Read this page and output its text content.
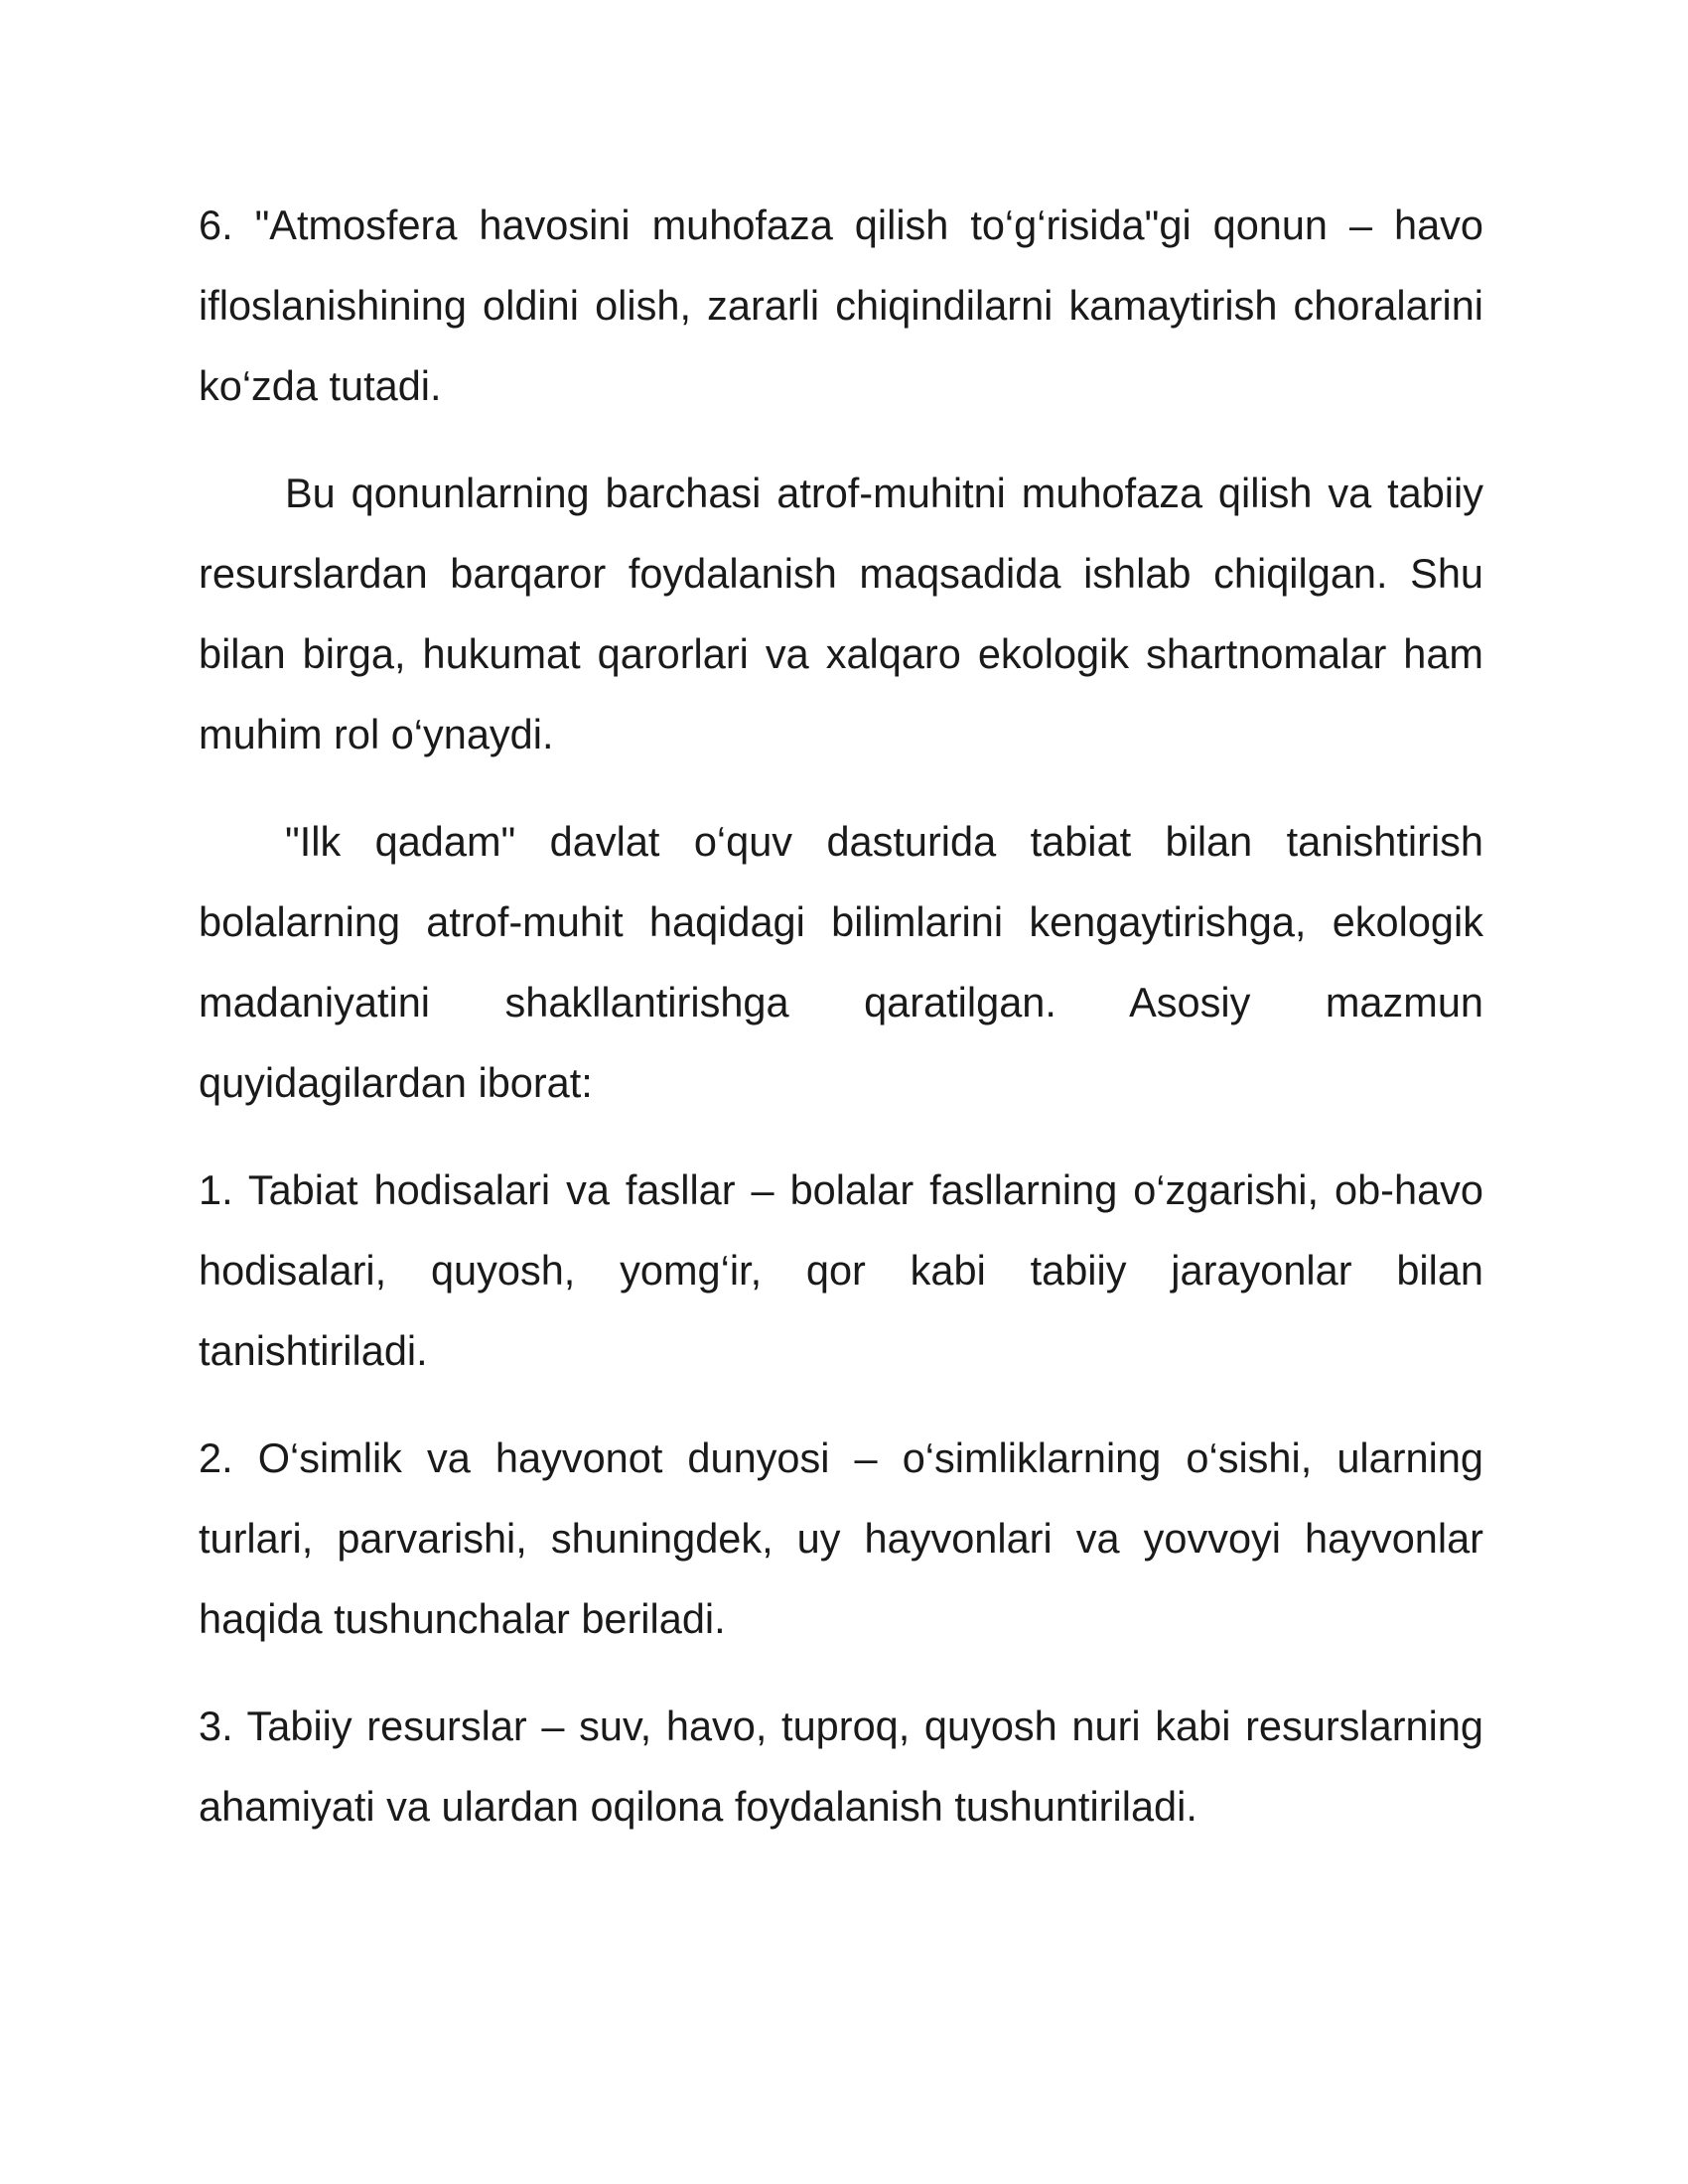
6. "Atmosfera havosini muhofaza qilish to‘g‘risida"gi qonun – havo ifloslanishining oldini olish, zararli chiqindilarni kamaytirish choralarini ko‘zda tutadi.

Bu qonunlarning barchasi atrof-muhitni muhofaza qilish va tabiiy resurslardan barqaror foydalanish maqsadida ishlab chiqilgan. Shu bilan birga, hukumat qarorlari va xalqaro ekologik shartnomalar ham muhim rol o‘ynaydi.

"Ilk qadam" davlat o‘quv dasturida tabiat bilan tanishtirish bolalarning atrof-muhit haqidagi bilimlarini kengaytirishga, ekologik madaniyatini shakllantirishga qaratilgan. Asosiy mazmun quyidagilardan iborat:

1. Tabiat hodisalari va fasllar – bolalar fasllarning o‘zgarishi, ob-havo hodisalari, quyosh, yomg‘ir, qor kabi tabiiy jarayonlar bilan tanishtiriladi.

2. O‘simlik va hayvonot dunyosi – o‘simliklarning o‘sishi, ularning turlari, parvarishi, shuningdek, uy hayvonlari va yovvoyi hayvonlar haqida tushunchalar beriladi.

3. Tabiiy resurslar – suv, havo, tuproq, quyosh nuri kabi resurslarning ahamiyati va ulardan oqilona foydalanish tushuntiriladi.
